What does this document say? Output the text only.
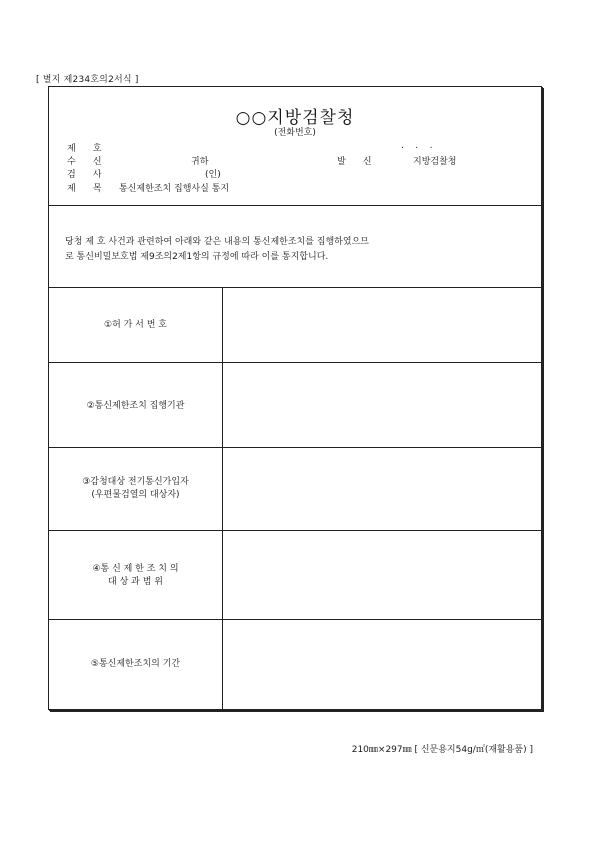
[ 별지 제234호의2서식 ]
○○지방검찰청
(전화번호)
제      호	.    .    .
수      신	귀하	발      신	지방검찰청
검      사	(인)
제      목 통신제한조치 집행사실 통지
당청 제 호 사건과 관련하여 아래와 같은 내용의 통신제한조치를 집행하였으므
로 통신비밀보호법 제9조의2제1항의 규정에 따라 이를 통지합니다.
①허 가 서 번 호
②통신제한조치 집행기관
③감청대상 전기통신가입자
(우편물검열의 대상자)
④통 신 제 한 조 치 의
대 상 과 범 위
⑤통신제한조치의 기간
210㎜×297㎜ [ 신문용지54g/㎡(재활용품) ]
